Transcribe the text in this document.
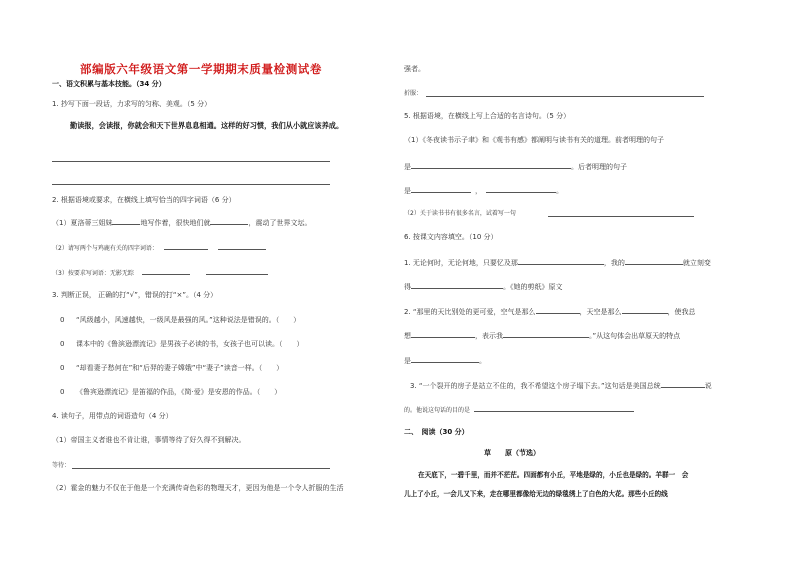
部编版六年级语文第一学期期末质量检测试卷
一、语文积累与基本技能。（34 分）
1. 抄写下面一段话，力求写的匀称、美观。（5 分）
勤读报，会读报，你就会和天下世界息息相通。这样的好习惯，我们从小就应该养成。
2. 根据语境或要求，在横线上填写恰当的四字词语（6 分）
（1）夏洛蒂三姐妹	地写作着，很快地们就	，震动了世界文坛。
（2）请写两个与鸡鹿有关的四字词语：
（3）按要求写词语：无影无踪
3. 判断正误， 正确的打“√”，错误的打“×”。（4 分）
0 “风级越小，风速越快，一级风是最强的风。”这种说法是错误的。（　　）
0 课本中的《鲁滨逊漂流记》是男孩子必读的书，女孩子也可以读。（　　）
0 “却看妻子愁何在”和“后羿的妻子嫦娥”中“妻子”读音一样。（　　）
0 《鲁宾逊漂流记》是笛福的作品，《简·爱》是安恩的作品。（　　）
4. 读句子，用带点的词语造句（4 分）
（1）帝国主义者谁也不肯让谁，事情等待了好久得不到解决。
等待：
（2）霍金的魅力不仅在于他是一个充满传奇色彩的物理天才，更因为他是一个令人折服的生活
强者。
折服：
5. 根据语境，在横线上写上合适的名言诗句。（5 分）
（1）《冬夜读书示子聿》和《观书有感》都阐明与读书有关的道理。前者明理的句子
是	。后者明理的句子
是	，	。
（2）关于读书书有很多名言，试着写一句
6. 按课文内容填空。（10 分）
1. 无论何时，无论何地，只要忆及那	，我的	就立刻变
得	。《她的剪纸》原文
2. “那里的天比别处的更可爱，空气是那么	，天空是那么	，使我总
想	，表示我	。”从这句体会出草原天的特点
是	。
3. “一个裂开的房子是站立不住的，我不希望这个房子塌下去。”这句话是美国总统	说
的。他说这句话的目的是
二、　阅读（30 分）
草　　原（节选）
在天底下，一碧千里，而并不茫茫。四面都有小丘，平地是绿的，小丘也是绿的。羊群一　会
儿上了小丘，一会儿又下来，走在哪里都像给无边的绿毯绣上了白色的大花。那些小丘的线
